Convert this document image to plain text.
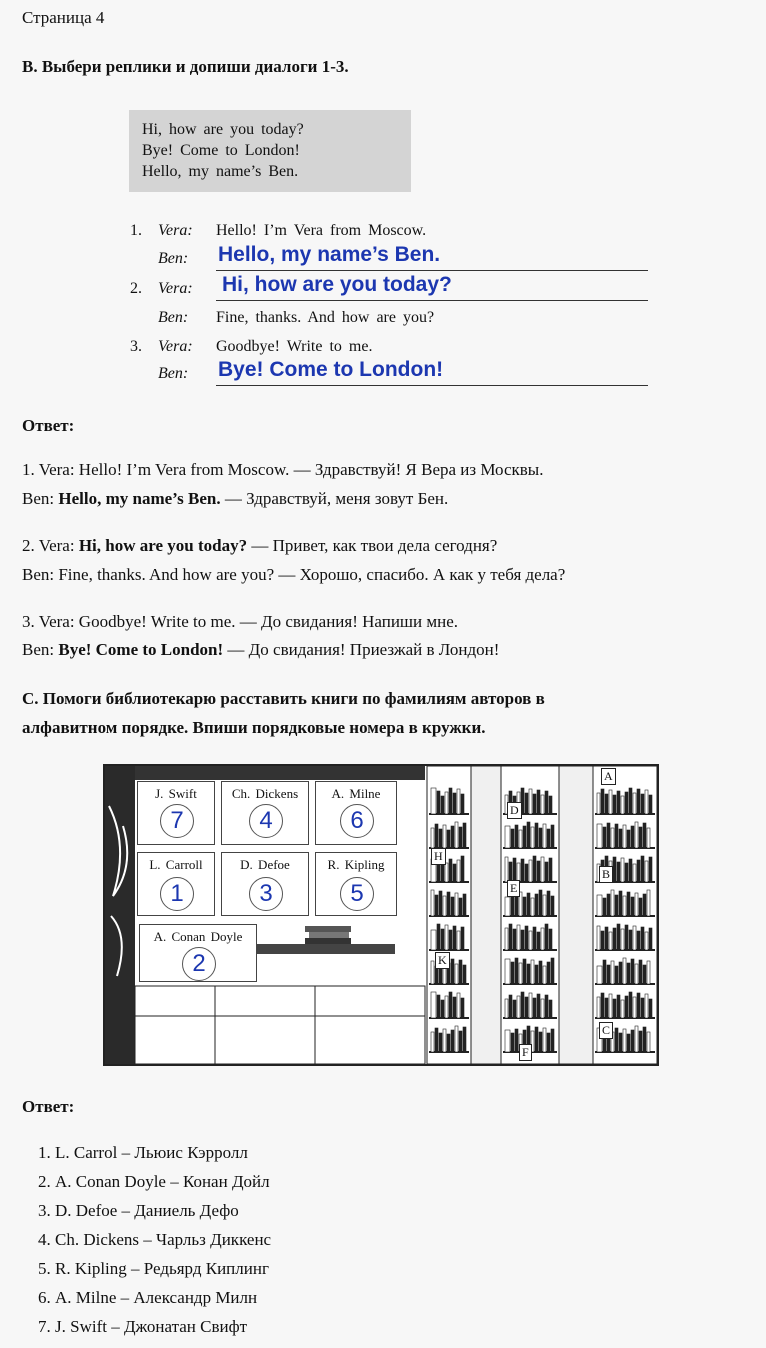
Страница 4
B. Выбери реплики и допиши диалоги 1-3.
Hi, how are you today?
Bye! Come to London!
Hello, my name’s Ben.
1. Vera: Hello! I’m Vera from Moscow.
Ben: Hello, my name’s Ben.
2. Vera: Hi, how are you today?
Ben: Fine, thanks. And how are you?
3. Vera: Goodbye! Write to me.
Ben: Bye! Come to London!
Ответ:
1. Vera: Hello! I’m Vera from Moscow. — Здравствуй! Я Вера из Москвы.
Ben: Hello, my name’s Ben. — Здравствуй, меня зовут Бен.
2. Vera: Hi, how are you today? — Привет, как твои дела сегодня?
Ben: Fine, thanks. And how are you? — Хорошо, спасибо. А как у тебя дела?
3. Vera: Goodbye! Write to me. — До свидания! Напиши мне.
Ben: Bye! Come to London! — До свидания! Приезжай в Лондон!
C. Помоги библиотекарю расставить книги по фамилиям авторов в
алфавитном порядке. Впиши порядковые номера в кружки.
A
D
H
E
K
B
C
F
J. Swift
7
Ch. Dickens
4
A. Milne
6
L. Carroll
1
D. Defoe
3
R. Kipling
5
A. Conan Doyle
2
Ответ:
1. L. Carrol – Льюис Кэрролл
2. A. Conan Doyle – Конан Дойл
3. D. Defoe – Даниель Дефо
4. Ch. Dickens – Чарльз Диккенс
5. R. Kipling – Редьярд Киплинг
6. A. Milne – Александр Милн
7. J. Swift – Джонатан Свифт
